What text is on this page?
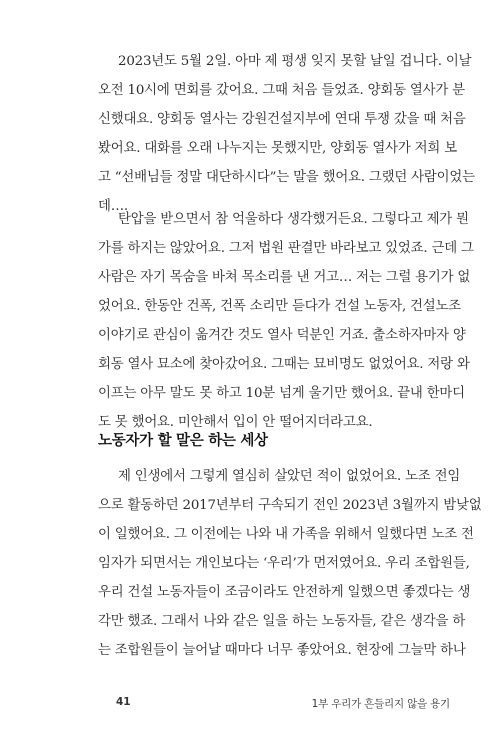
2023년도 5월 2일. 아마 제 평생 잊지 못할 날일 겁니다. 이날
오전 10시에 면회를 갔어요. 그때 처음 들었죠. 양회동 열사가 분
신했대요. 양회동 열사는 강원건설지부에 연대 투쟁 갔을 때 처음
봤어요. 대화를 오래 나누지는 못했지만, 양회동 열사가 저희 보
고 “선배님들 정말 대단하시다”는 말을 했어요. 그랬던 사람이었는
데….
탄압을 받으면서 참 억울하다 생각했거든요. 그렇다고 제가 뭔
가를 하지는 않았어요. 그저 법원 판결만 바라보고 있었죠. 근데 그
사람은 자기 목숨을 바쳐 목소리를 낸 거고… 저는 그럴 용기가 없
었어요. 한동안 건폭, 건폭 소리만 듣다가 건설 노동자, 건설노조
이야기로 관심이 옮겨간 것도 열사 덕분인 거죠. 출소하자마자 양
회동 열사 묘소에 찾아갔어요. 그때는 묘비명도 없었어요. 저랑 와
이프는 아무 말도 못 하고 10분 넘게 울기만 했어요. 끝내 한마디
도 못 했어요. 미안해서 입이 안 떨어지더라고요.
노동자가 할 말은 하는 세상
제 인생에서 그렇게 열심히 살았던 적이 없었어요. 노조 전임
으로 활동하던 2017년부터 구속되기 전인 2023년 3월까지 밤낮없
이 일했어요. 그 이전에는 나와 내 가족을 위해서 일했다면 노조 전
임자가 되면서는 개인보다는 ‘우리’가 먼저였어요. 우리 조합원들,
우리 건설 노동자들이 조금이라도 안전하게 일했으면 좋겠다는 생
각만 했죠. 그래서 나와 같은 일을 하는 노동자들, 같은 생각을 하
는 조합원들이 늘어날 때마다 너무 좋았어요. 현장에 그늘막 하나
41	1부 우리가 흔들리지 않을 용기
